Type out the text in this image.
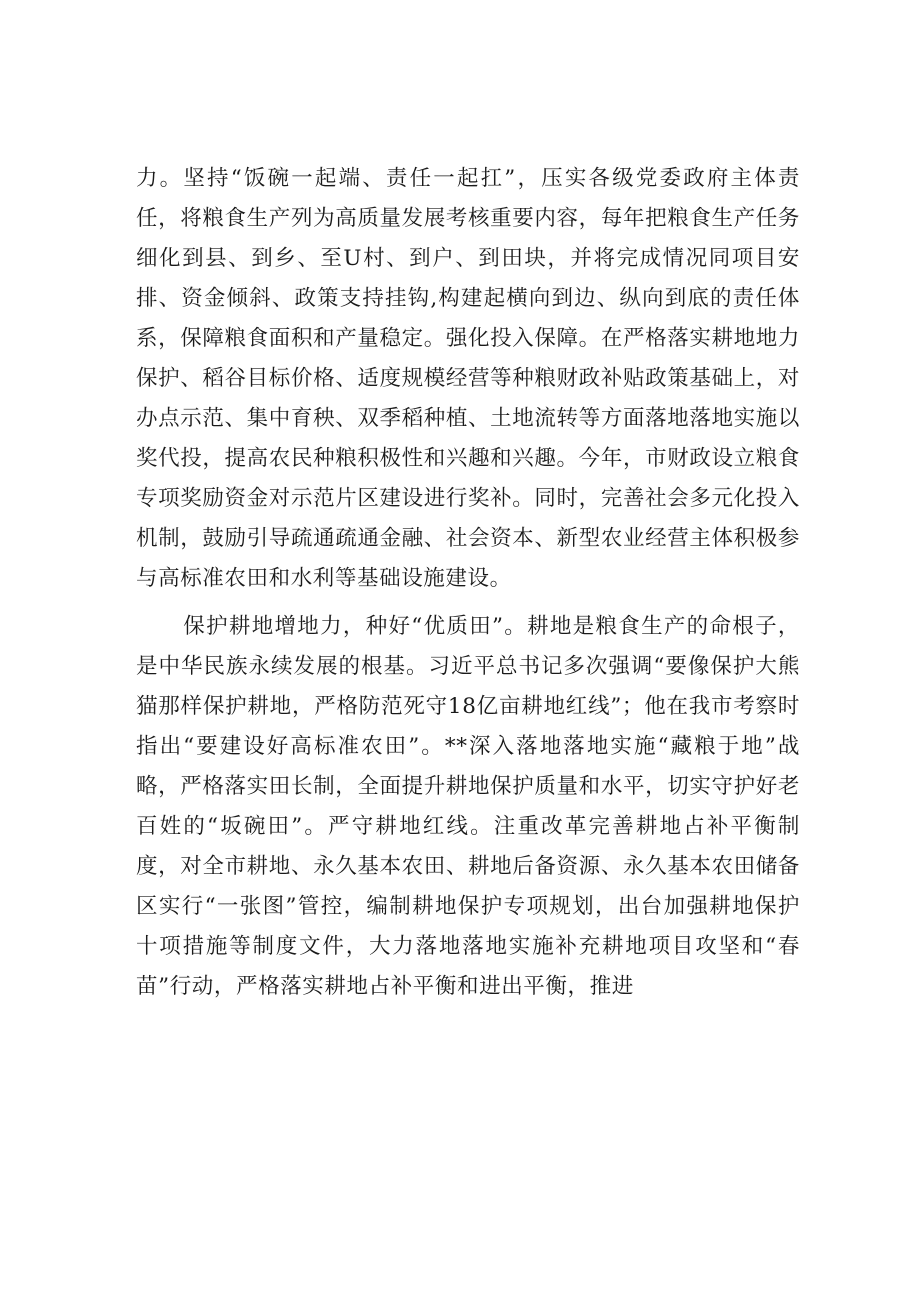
力。坚持“饭碗一起端、责任一起扛”，压实各级党委政府主体责任，将粮食生产列为高质量发展考核重要内容，每年把粮食生产任务细化到县、到乡、至U村、到户、到田块，并将完成情况同项目安排、资金倾斜、政策支持挂钩,构建起横向到边、纵向到底的责任体系，保障粮食面积和产量稳定。强化投入保障。在严格落实耕地地力保护、稻谷目标价格、适度规模经营等种粮财政补贴政策基础上，对办点示范、集中育秧、双季稻种植、土地流转等方面落地落地实施以奖代投，提高农民种粮积极性和兴趣和兴趣。今年，市财政设立粮食专项奖励资金对示范片区建设进行奖补。同时，完善社会多元化投入机制，鼓励引导疏通疏通金融、社会资本、新型农业经营主体积极参与高标准农田和水利等基础设施建设。

保护耕地增地力，种好“优质田”。耕地是粮食生产的命根子，是中华民族永续发展的根基。习近平总书记多次强调“要像保护大熊猫那样保护耕地，严格防范死守18亿亩耕地红线”；他在我市考察时指出“要建设好高标准农田”。**深入落地落地实施“藏粮于地”战略，严格落实田长制，全面提升耕地保护质量和水平，切实守护好老百姓的“坂碗田”。严守耕地红线。注重改革完善耕地占补平衡制度，对全市耕地、永久基本农田、耕地后备资源、永久基本农田储备区实行“一张图”管控，编制耕地保护专项规划，出台加强耕地保护十项措施等制度文件，大力落地落地实施补充耕地项目攻坚和“春苗”行动，严格落实耕地占补平衡和进出平衡，推进
